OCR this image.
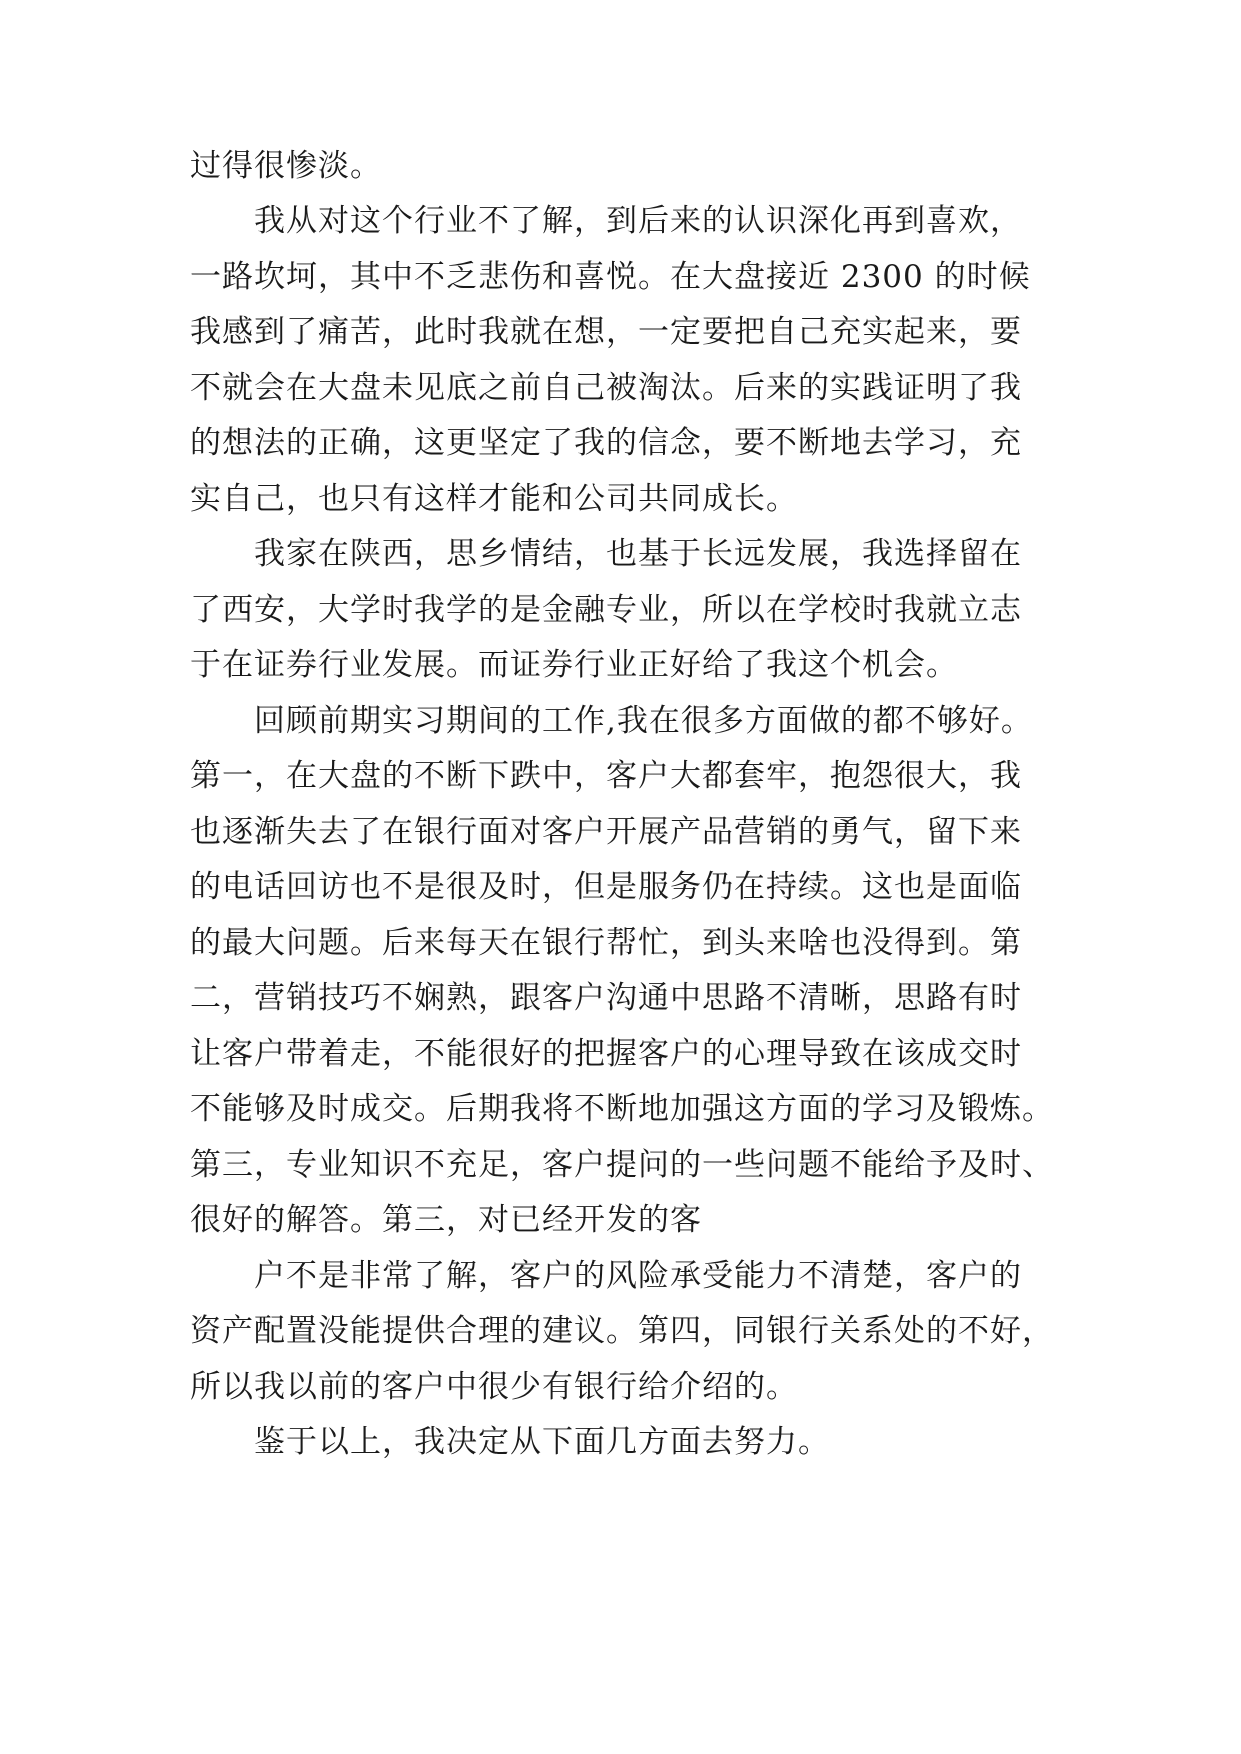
过得很惨淡。
我从对这个行业不了解，到后来的认识深化再到喜欢，
一路坎坷，其中不乏悲伤和喜悦。在大盘接近 2300 的时候
我感到了痛苦，此时我就在想，一定要把自己充实起来，要
不就会在大盘未见底之前自己被淘汰。后来的实践证明了我
的想法的正确，这更坚定了我的信念，要不断地去学习，充
实自己，也只有这样才能和公司共同成长。
我家在陕西，思乡情结，也基于长远发展，我选择留在
了西安，大学时我学的是金融专业，所以在学校时我就立志
于在证券行业发展。而证券行业正好给了我这个机会。
回顾前期实习期间的工作,我在很多方面做的都不够好。
第一，在大盘的不断下跌中，客户大都套牢，抱怨很大，我
也逐渐失去了在银行面对客户开展产品营销的勇气，留下来
的电话回访也不是很及时，但是服务仍在持续。这也是面临
的最大问题。后来每天在银行帮忙，到头来啥也没得到。第
二，营销技巧不娴熟，跟客户沟通中思路不清晰，思路有时
让客户带着走，不能很好的把握客户的心理导致在该成交时
不能够及时成交。后期我将不断地加强这方面的学习及锻炼。
第三，专业知识不充足，客户提问的一些问题不能给予及时、
很好的解答。第三，对已经开发的客
户不是非常了解，客户的风险承受能力不清楚，客户的
资产配置没能提供合理的建议。第四，同银行关系处的不好，
所以我以前的客户中很少有银行给介绍的。
鉴于以上，我决定从下面几方面去努力。
